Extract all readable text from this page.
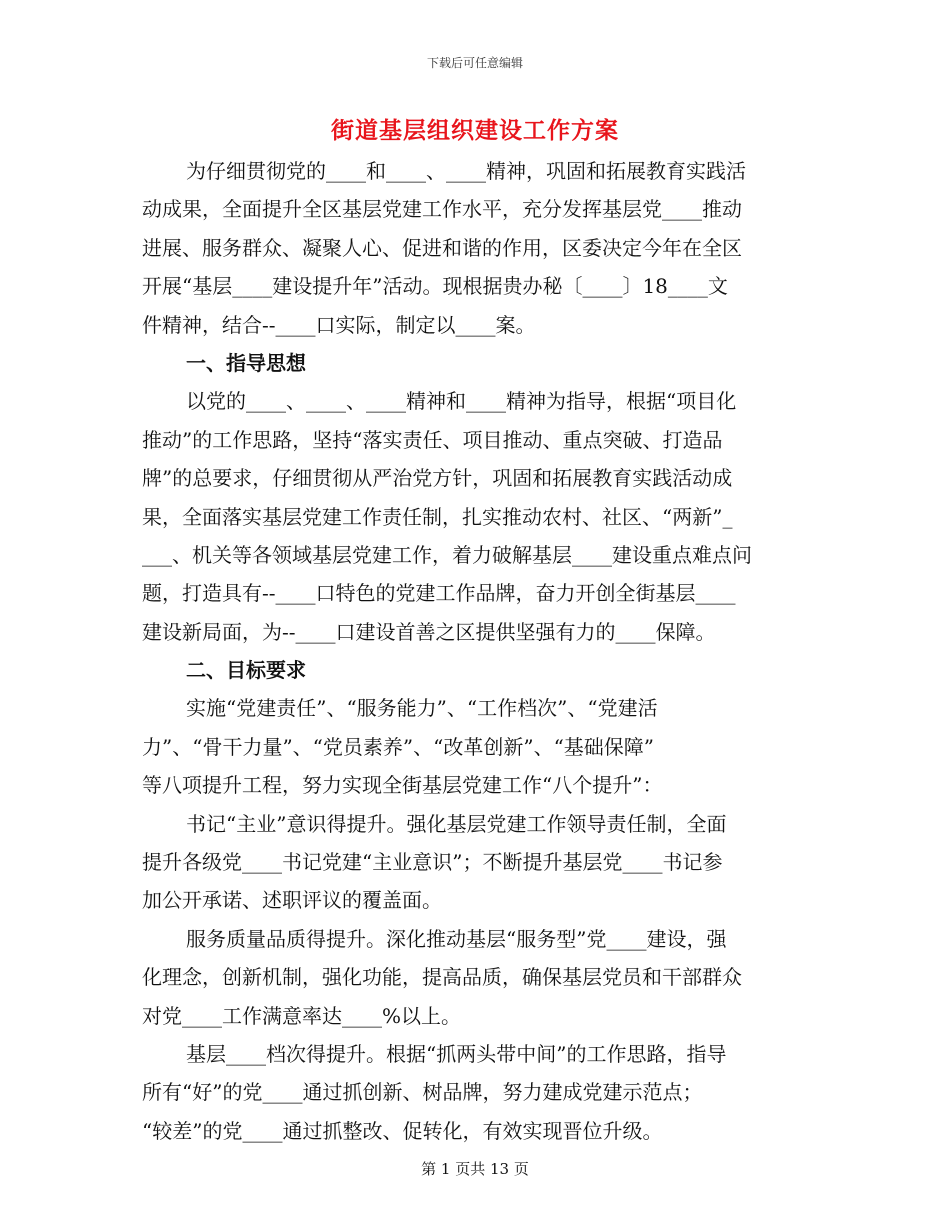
下载后可任意编辑
街道基层组织建设工作方案
为仔细贯彻党的____和____、____精神，巩固和拓展教育实践活
动成果，全面提升全区基层党建工作水平，充分发挥基层党____推动
进展、服务群众、凝聚人心、促进和谐的作用，区委决定今年在全区
开展“基层____建设提升年”活动。现根据贵办秘〔____〕18____文
件精神，结合--____口实际，制定以____案。
一、指导思想
以党的____、____、____精神和____精神为指导，根据“项目化
推动”的工作思路，坚持“落实责任、项目推动、重点突破、打造品
牌”的总要求，仔细贯彻从严治党方针，巩固和拓展教育实践活动成
果，全面落实基层党建工作责任制，扎实推动农村、社区、“两新”_
___、机关等各领域基层党建工作，着力破解基层____建设重点难点问
题，打造具有--____口特色的党建工作品牌，奋力开创全街基层____
建设新局面，为--____口建设首善之区提供坚强有力的____保障。
二、目标要求
实施“党建责任”、“服务能力”、“工作档次”、“党建活
力”、“骨干力量”、“党员素养”、“改革创新”、“基础保障”
等八项提升工程，努力实现全街基层党建工作“八个提升”：
书记“主业”意识得提升。强化基层党建工作领导责任制，全面
提升各级党____书记党建“主业意识”；不断提升基层党____书记参
加公开承诺、述职评议的覆盖面。
服务质量品质得提升。深化推动基层“服务型”党____建设，强
化理念，创新机制，强化功能，提高品质，确保基层党员和干部群众
对党____工作满意率达____%以上。
基层____档次得提升。根据“抓两头带中间”的工作思路，指导
所有“好”的党____通过抓创新、树品牌，努力建成党建示范点；
“较差”的党____通过抓整改、促转化，有效实现晋位升级。
第 1 页共 13 页
